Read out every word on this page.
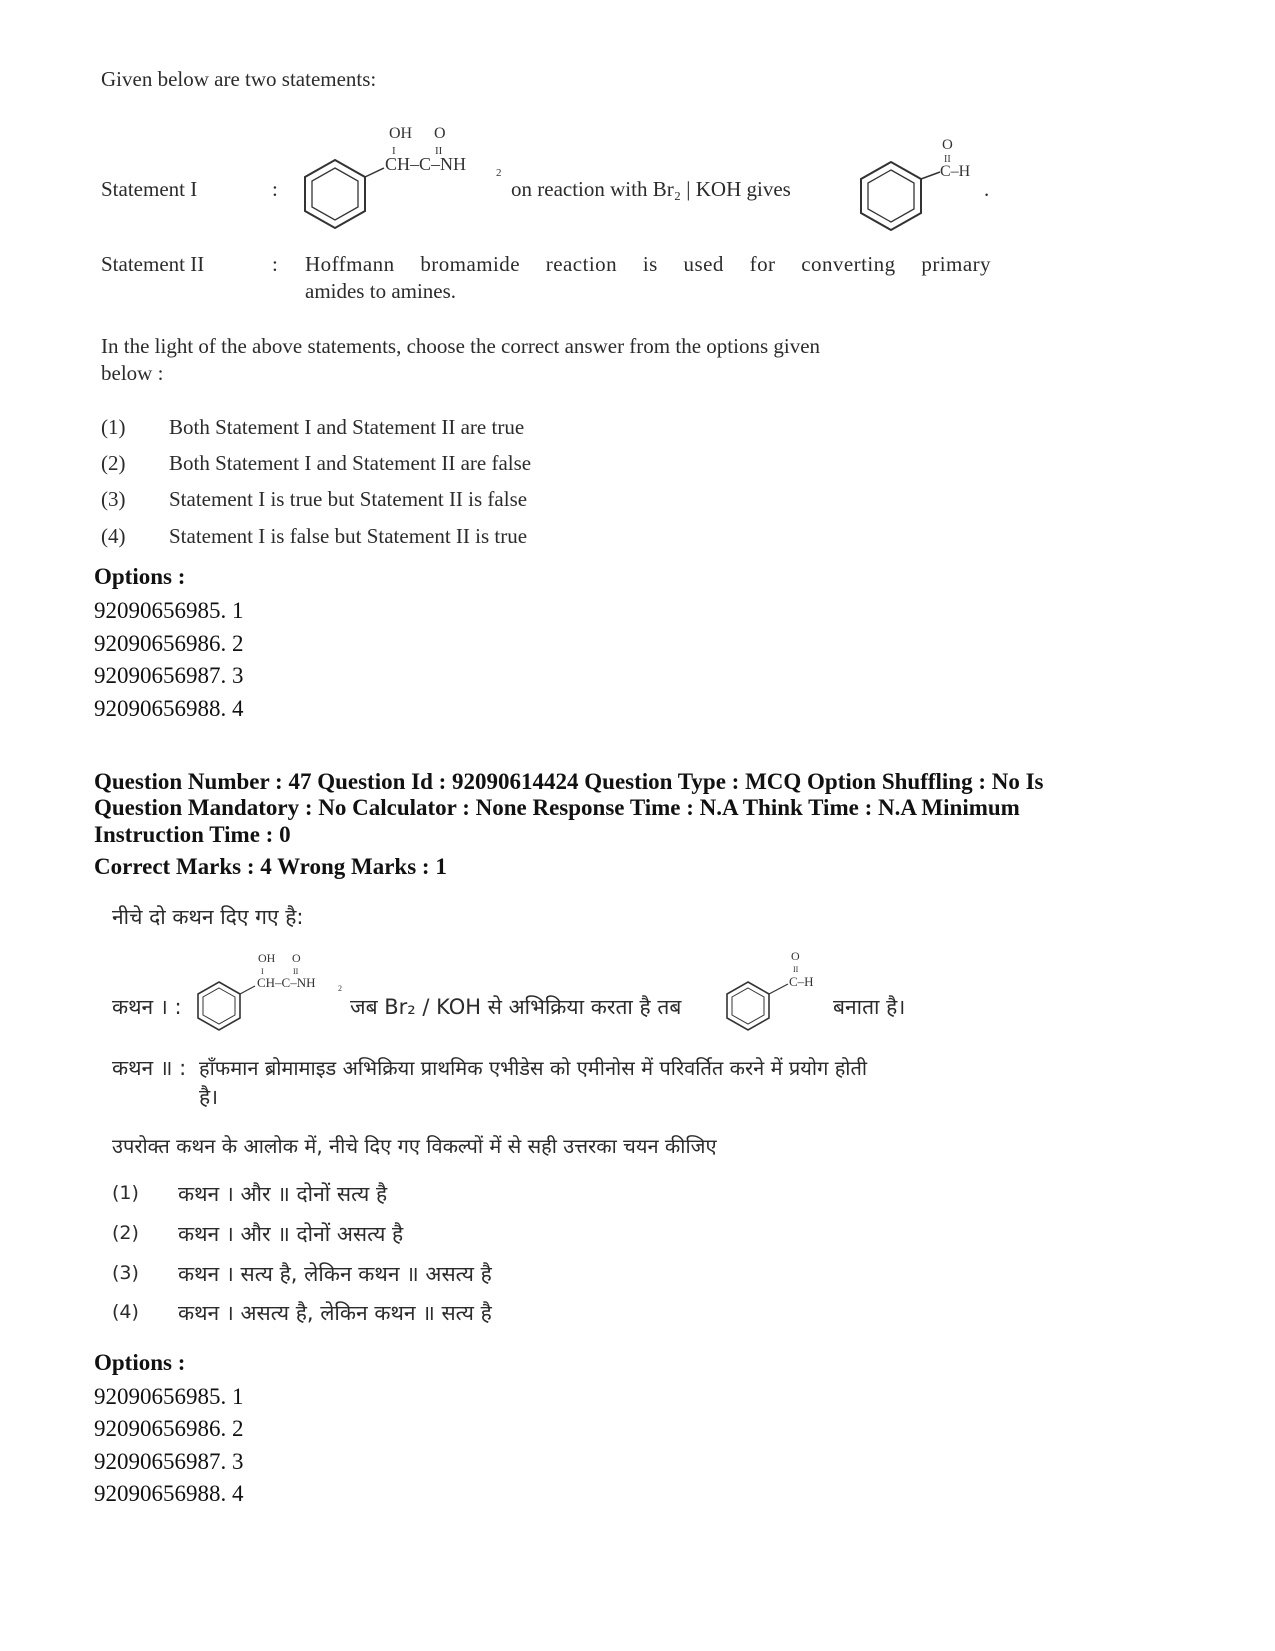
Given below are two statements:
Statement I	:
OH O
I	II
CH–C–NH	2
on reaction with Br₂ | KOH gives
O
II
C–H
.
Statement II	: Hoffmann bromamide reaction is used for converting primary
amides to amines.
In the light of the above statements, choose the correct answer from the options given
below :
(1) Both Statement I and Statement II are true
(2) Both Statement I and Statement II are false
(3) Statement I is true but Statement II is false
(4) Statement I is false but Statement II is true
Options :
92090656985. 1
92090656986. 2
92090656987. 3
92090656988. 4
Question Number : 47 Question Id : 92090614424 Question Type : MCQ Option Shuffling : No Is
Question Mandatory : No Calculator : None Response Time : N.A Think Time : N.A Minimum
Instruction Time : 0
Correct Marks : 4 Wrong Marks : 1
नीचे दो कथन दिए गए है:
कथन । :
OH O
I	II
CH–C–NH	2
जब Br₂ / KOH से अभिक्रिया करता है तब
O
II
C–H
बनाता है।
कथन ॥ : हाँफमान ब्रोमामाइड अभिक्रिया प्राथमिक एभीडेस को एमीनोस में परिवर्तित करने में प्रयोग होती
है।
उपरोक्त कथन के आलोक में, नीचे दिए गए विकल्पों में से सही उत्तरका चयन कीजिए
(1) कथन । और ॥ दोनों सत्य है
(2) कथन । और ॥ दोनों असत्य है
(3) कथन । सत्य है, लेकिन कथन ॥ असत्य है
(4) कथन । असत्य है, लेकिन कथन ॥ सत्य है
Options :
92090656985. 1
92090656986. 2
92090656987. 3
92090656988. 4
